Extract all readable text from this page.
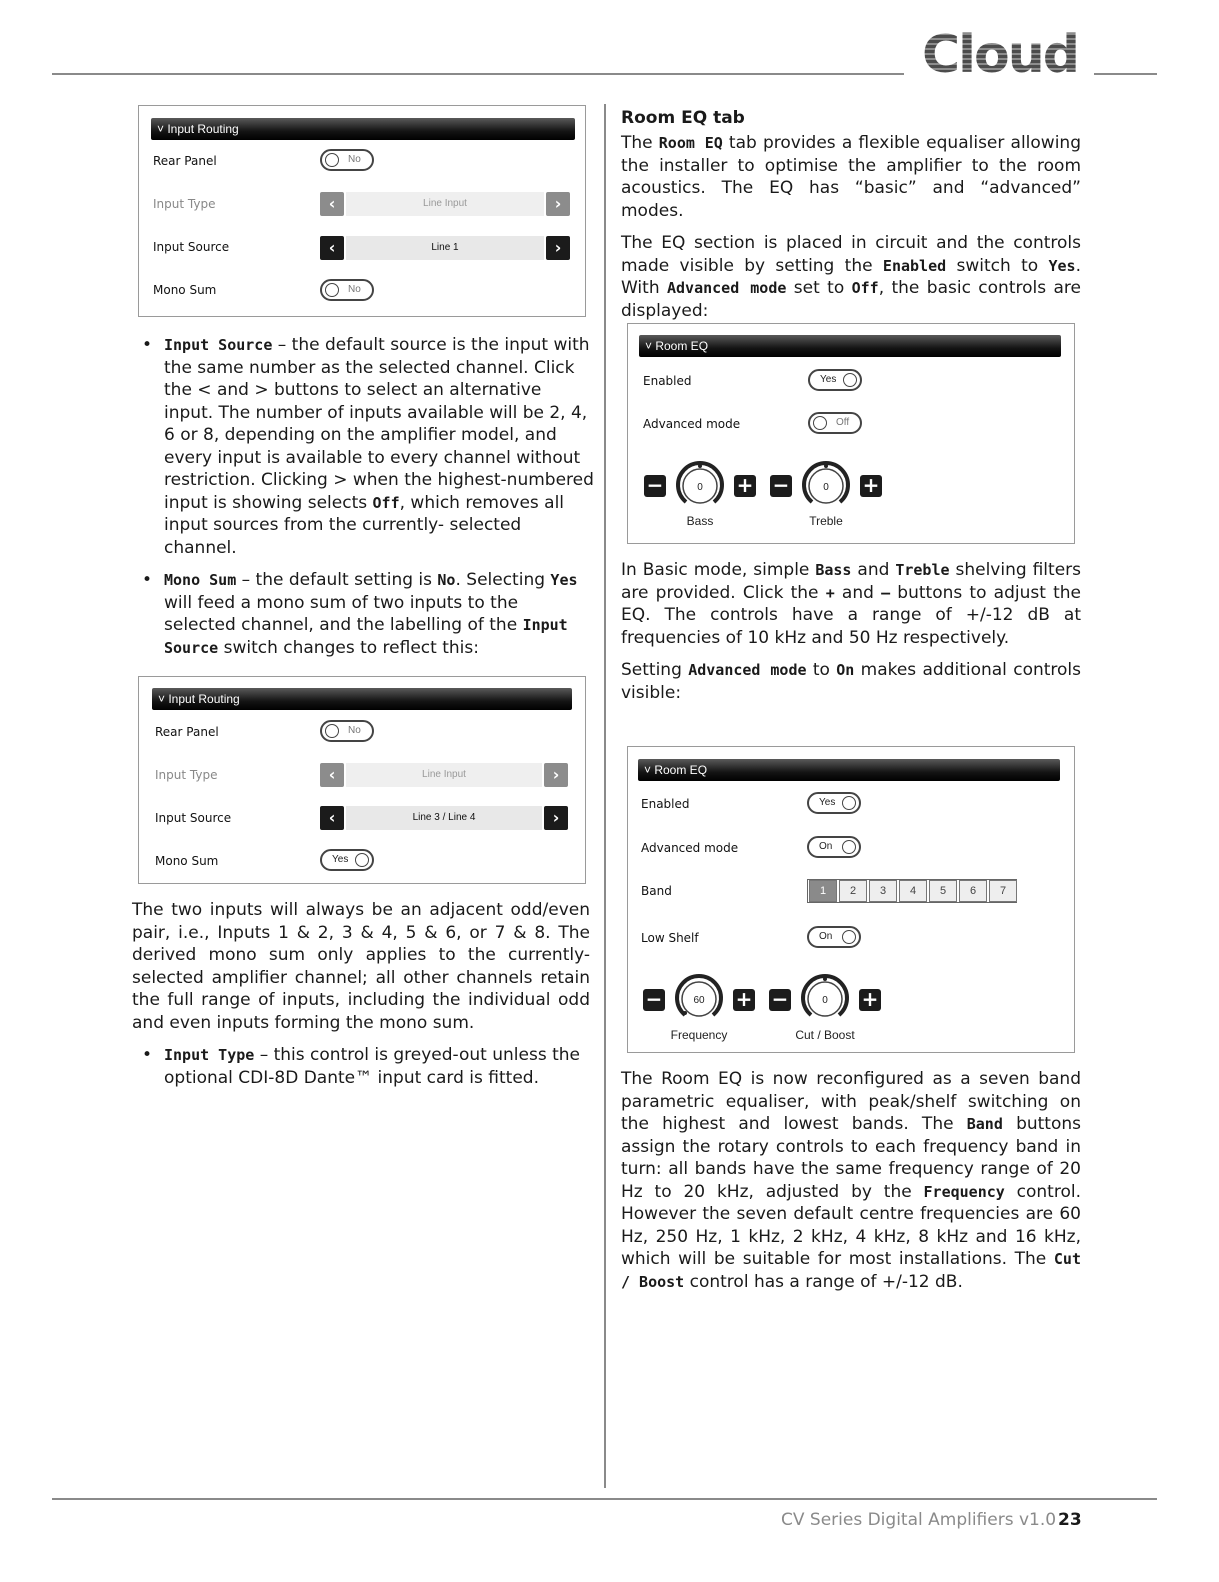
Cloud
˅ Input Routing
Rear Panel	No
Input Type	‹	Line Input	›
Input Source	‹	Line 1	›
Mono Sum	No
• Input Source – the default source is the input with the same number as the selected channel. Click the < and > buttons to select an alternative input. The number of inputs available will be 2, 4, 6 or 8, depending on the amplifier model, and every input is available to every channel without restriction. Clicking > when the highest-numbered input is showing selects Off, which removes all input sources from the currently- selected channel.
• Mono Sum – the default setting is No. Selecting Yes will feed a mono sum of two inputs to the selected channel, and the labelling of the Input Source switch changes to reflect this:
˅ Input Routing
Rear Panel	No
Input Type	‹	Line Input	›
Input Source	‹	Line 3 / Line 4	›
Mono Sum	Yes

The two inputs will always be an adjacent odd/even pair, i.e., Inputs 1 & 2, 3 & 4, 5 & 6, or 7 & 8. The derived mono sum only applies to the currently-selected amplifier channel; all other channels retain the full range of inputs, including the individual odd and even inputs forming the mono sum.

• Input Type – this control is greyed-out unless the optional CDI-8D Dante™ input card is fitted.
Room EQ tab

The Room EQ tab provides a flexible equaliser allowing the installer to optimise the amplifier to the room acoustics. The EQ has “basic” and “advanced” modes.

The EQ section is placed in circuit and the controls made visible by setting the Enabled switch to Yes. With Advanced mode set to Off, the basic controls are displayed:

˅ Room EQ
Enabled	Yes
Advanced mode	Off
−	0 +
Bass
−	0 +
Treble

In Basic mode, simple Bass and Treble shelving filters are provided. Click the + and – buttons to adjust the EQ. The controls have a range of +/-12 dB at frequencies of 10 kHz and 50 Hz respectively.

Setting Advanced mode to On makes additional controls visible:

˅ Room EQ
Enabled	Yes
Advanced mode	On
Band	1	2	3	4	5	6	7
Low Shelf	On
−	60 +
Frequency
−	0 +
Cut / Boost

The Room EQ is now reconfigured as a seven band parametric equaliser, with peak/shelf switching on the highest and lowest bands. The Band buttons assign the rotary controls to each frequency band in turn: all bands have the same frequency range of 20 Hz to 20 kHz, adjusted by the Frequency control. However the seven default centre frequencies are 60 Hz, 250 Hz, 1 kHz, 2 kHz, 4 kHz, 8 kHz and 16 kHz, which will be suitable for most installations. The Cut / Boost control has a range of +/-12 dB.

CV Series Digital Amplifiers v1.0 23
